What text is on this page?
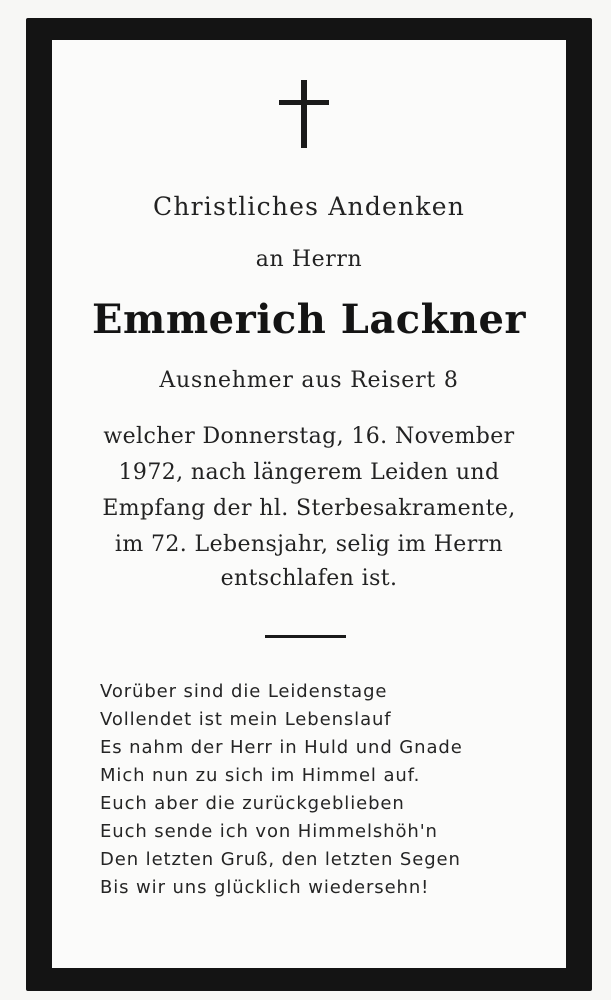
Christliches Andenken
an Herrn
Emmerich Lackner
Ausnehmer aus Reisert 8
welcher Donnerstag, 16. November
1972, nach längerem Leiden und
Empfang der hl. Sterbesakramente,
im 72. Lebensjahr, selig im Herrn
entschlafen ist.
Vorüber sind die Leidenstage
Vollendet ist mein Lebenslauf
Es nahm der Herr in Huld und Gnade
Mich nun zu sich im Himmel auf.
Euch aber die zurückgeblieben
Euch sende ich von Himmelshöh'n
Den letzten Gruß, den letzten Segen
Bis wir uns glücklich wiedersehn!
